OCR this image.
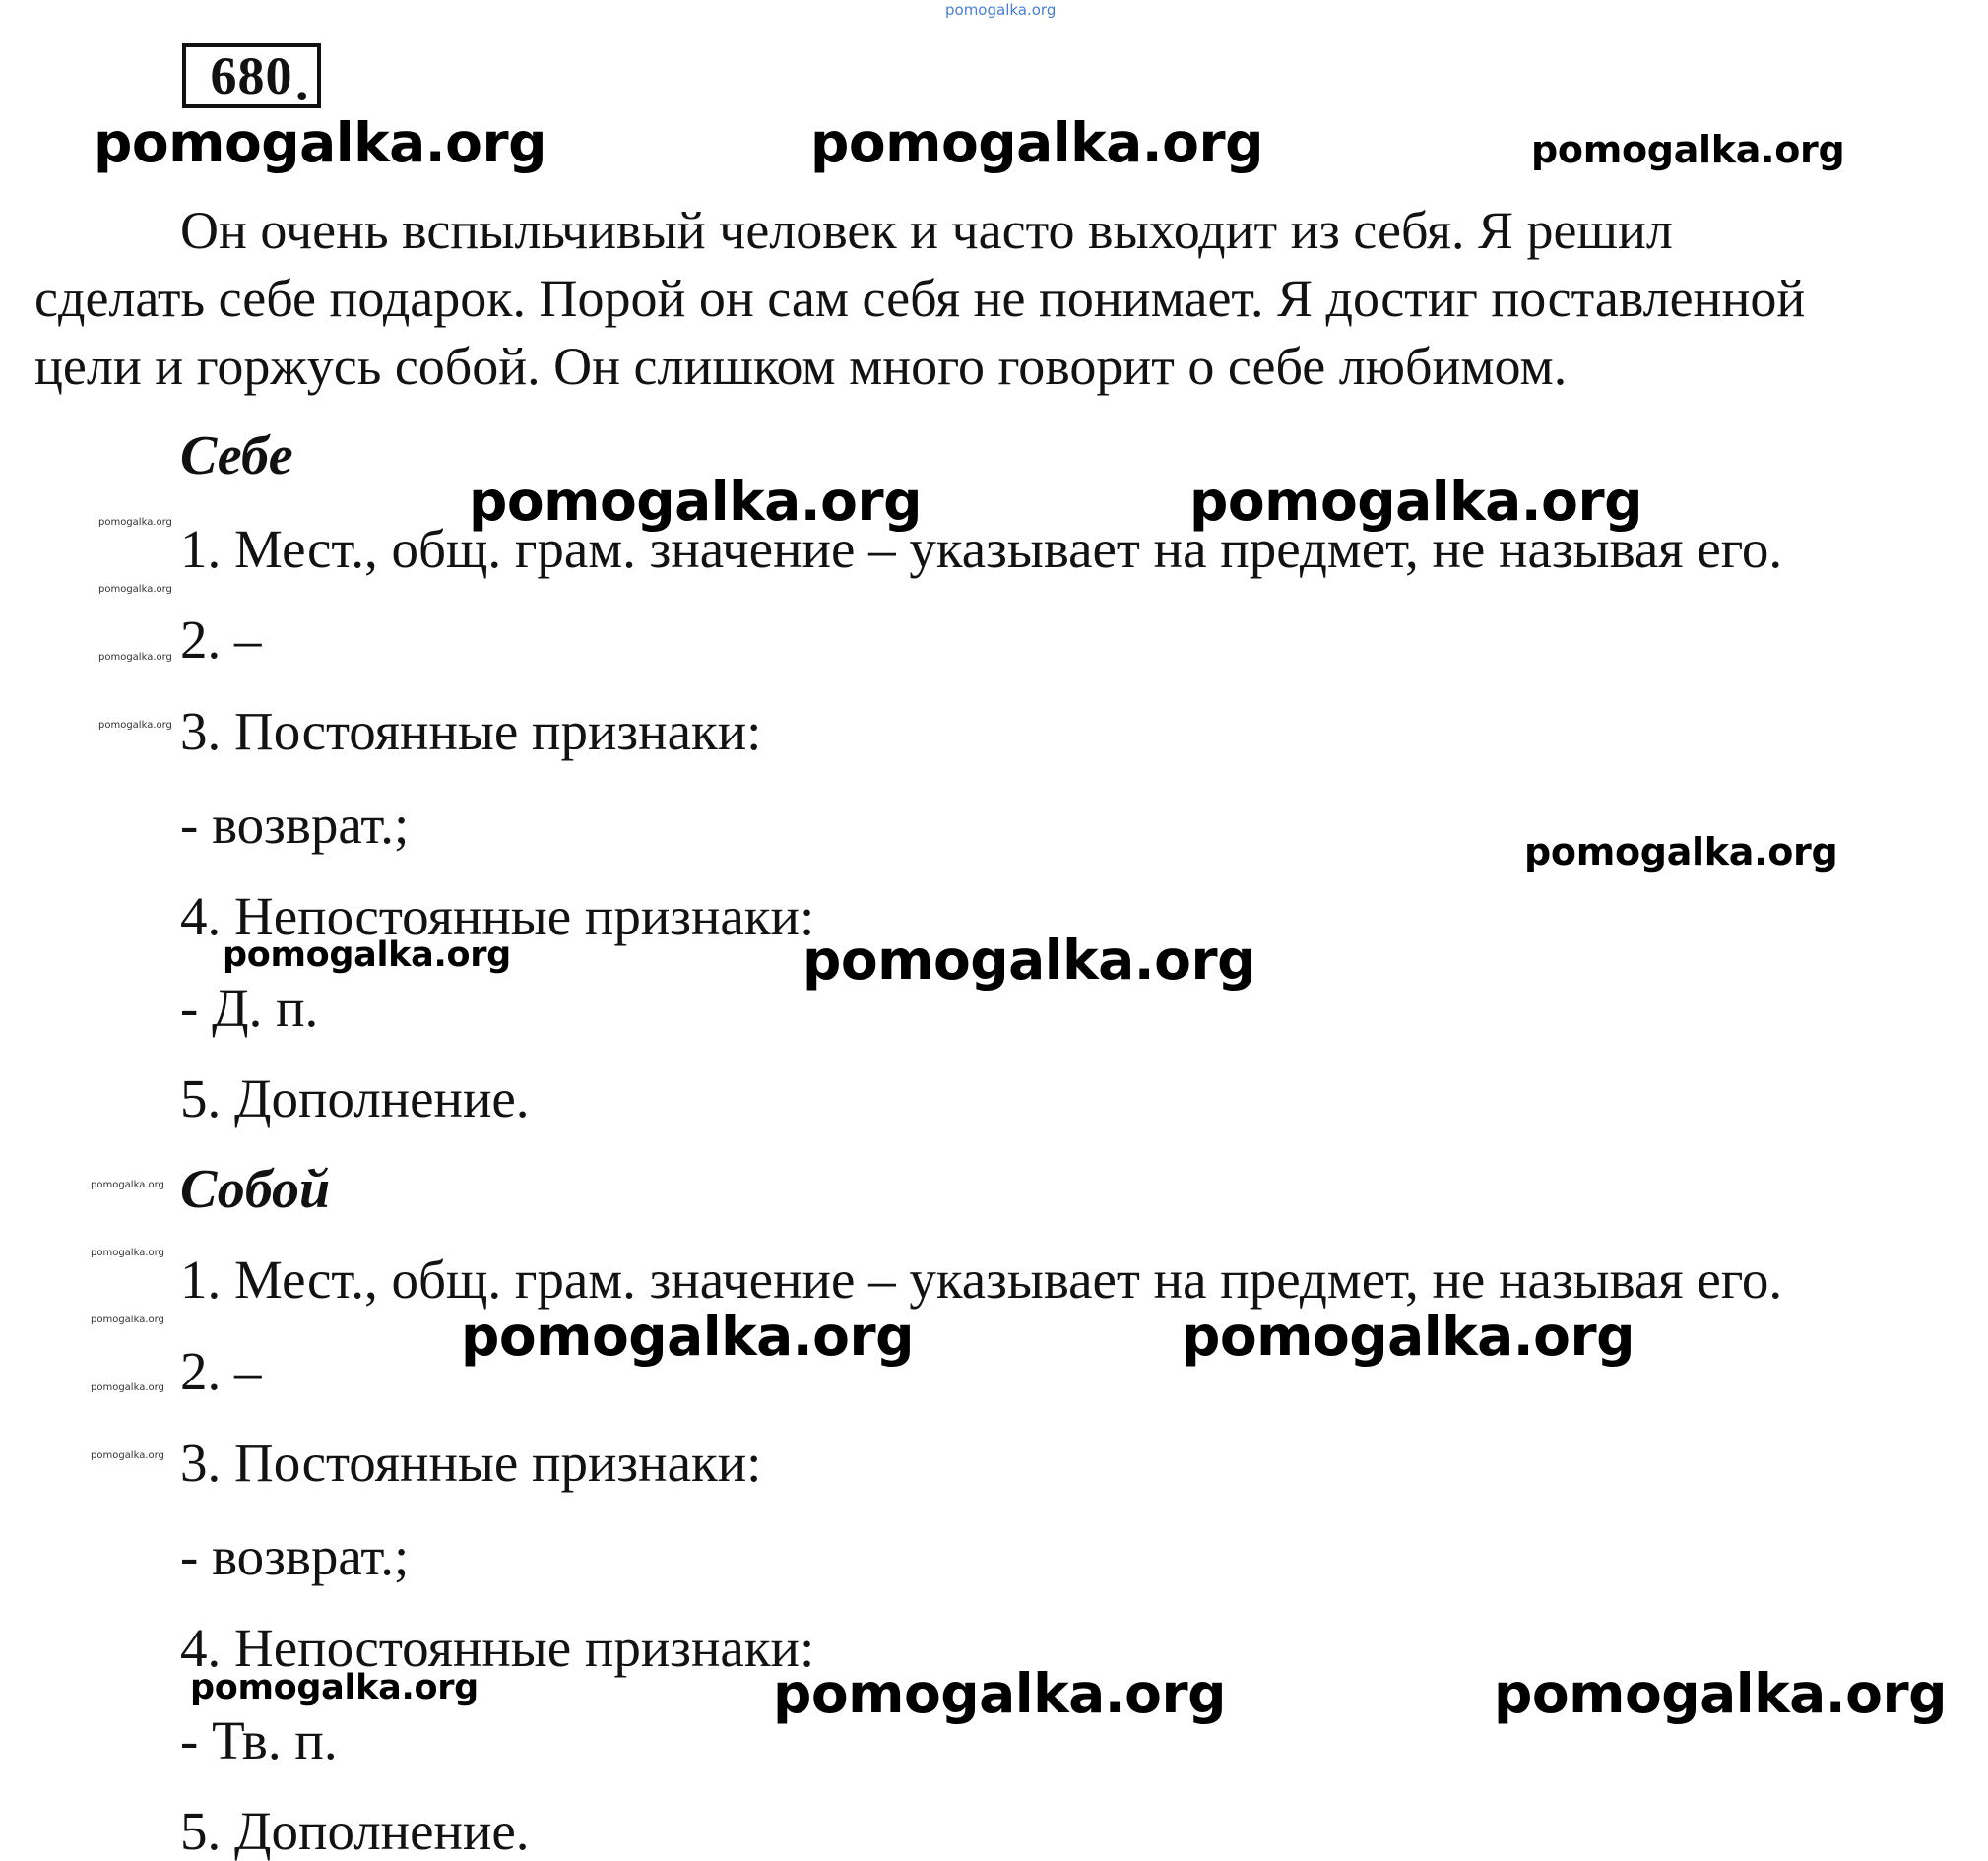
pomogalka.org
680 .
pomogalka.org	pomogalka.org	pomogalka.org
Он очень вспыльчивый человек и часто выходит из себя. Я решил
сделать себе подарок. Порой он сам себя не понимает. Я достиг поставленной
цели и горжусь собой. Он слишком много говорит о себе любимом.
Себе
1. Мест., общ. грам. значение – указывает на предмет, не называя его.
2. –
3. Постоянные признаки:
- возврат.;
4. Непостоянные признаки:
- Д. п.
5. Дополнение.
Собой
1. Мест., общ. грам. значение – указывает на предмет, не называя его.
2. –
3. Постоянные признаки:
- возврат.;
4. Непостоянные признаки:
- Тв. п.
5. Дополнение.
pomogalka.org	pomogalka.org
pomogalka.org
pomogalka.org	pomogalka.org
pomogalka.org	pomogalka.org
pomogalka.org	pomogalka.org	pomogalka.org
pomogalka.org
pomogalka.org
pomogalka.org
pomogalka.org
pomogalka.org
pomogalka.org
pomogalka.org
pomogalka.org
pomogalka.org
